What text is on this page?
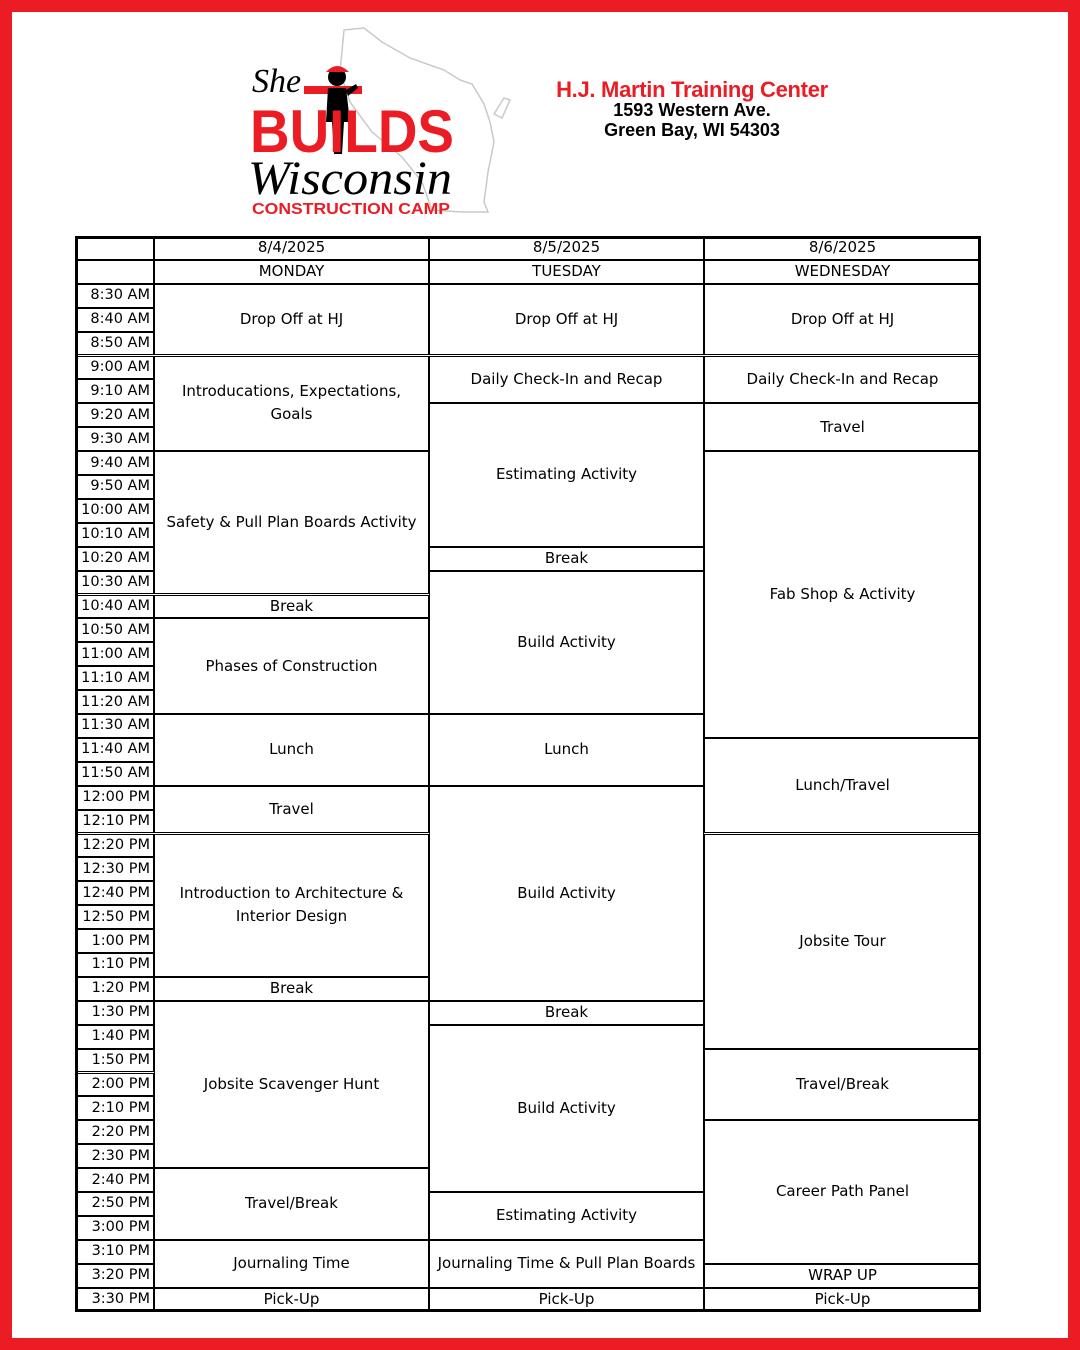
She
BUILDS
Wisconsin
CONSTRUCTION CAMP
H.J. Martin Training Center
1593 Western Ave.
Green Bay, WI 54303
8/4/2025
MONDAY
8/5/2025
TUESDAY
8/6/2025
WEDNESDAY
8:30 AM
8:40 AM
8:50 AM
9:00 AM
9:10 AM
9:20 AM
9:30 AM
9:40 AM
9:50 AM
10:00 AM
10:10 AM
10:20 AM
10:30 AM
10:40 AM
10:50 AM
11:00 AM
11:10 AM
11:20 AM
11:30 AM
11:40 AM
11:50 AM
12:00 PM
12:10 PM
12:20 PM
12:30 PM
12:40 PM
12:50 PM
1:00 PM
1:10 PM
1:20 PM
1:30 PM
1:40 PM
1:50 PM
2:00 PM
2:10 PM
2:20 PM
2:30 PM
2:40 PM
2:50 PM
3:00 PM
3:10 PM
3:20 PM
3:30 PM
Drop Off at HJ
Introducations, Expectations, Goals
Safety & Pull Plan Boards Activity
Break
Phases of Construction
Lunch
Travel
Introduction to Architecture & Interior Design
Break
Jobsite Scavenger Hunt
Travel/Break
Journaling Time
Pick-Up
Drop Off at HJ
Daily Check-In and Recap
Estimating Activity
Break
Build Activity
Lunch
Build Activity
Break
Build Activity
Estimating Activity
Journaling Time & Pull Plan Boards
Pick-Up
Drop Off at HJ
Daily Check-In and Recap
Travel
Fab Shop & Activity
Lunch/Travel
Jobsite Tour
Travel/Break
Career Path Panel
WRAP UP
Pick-Up
